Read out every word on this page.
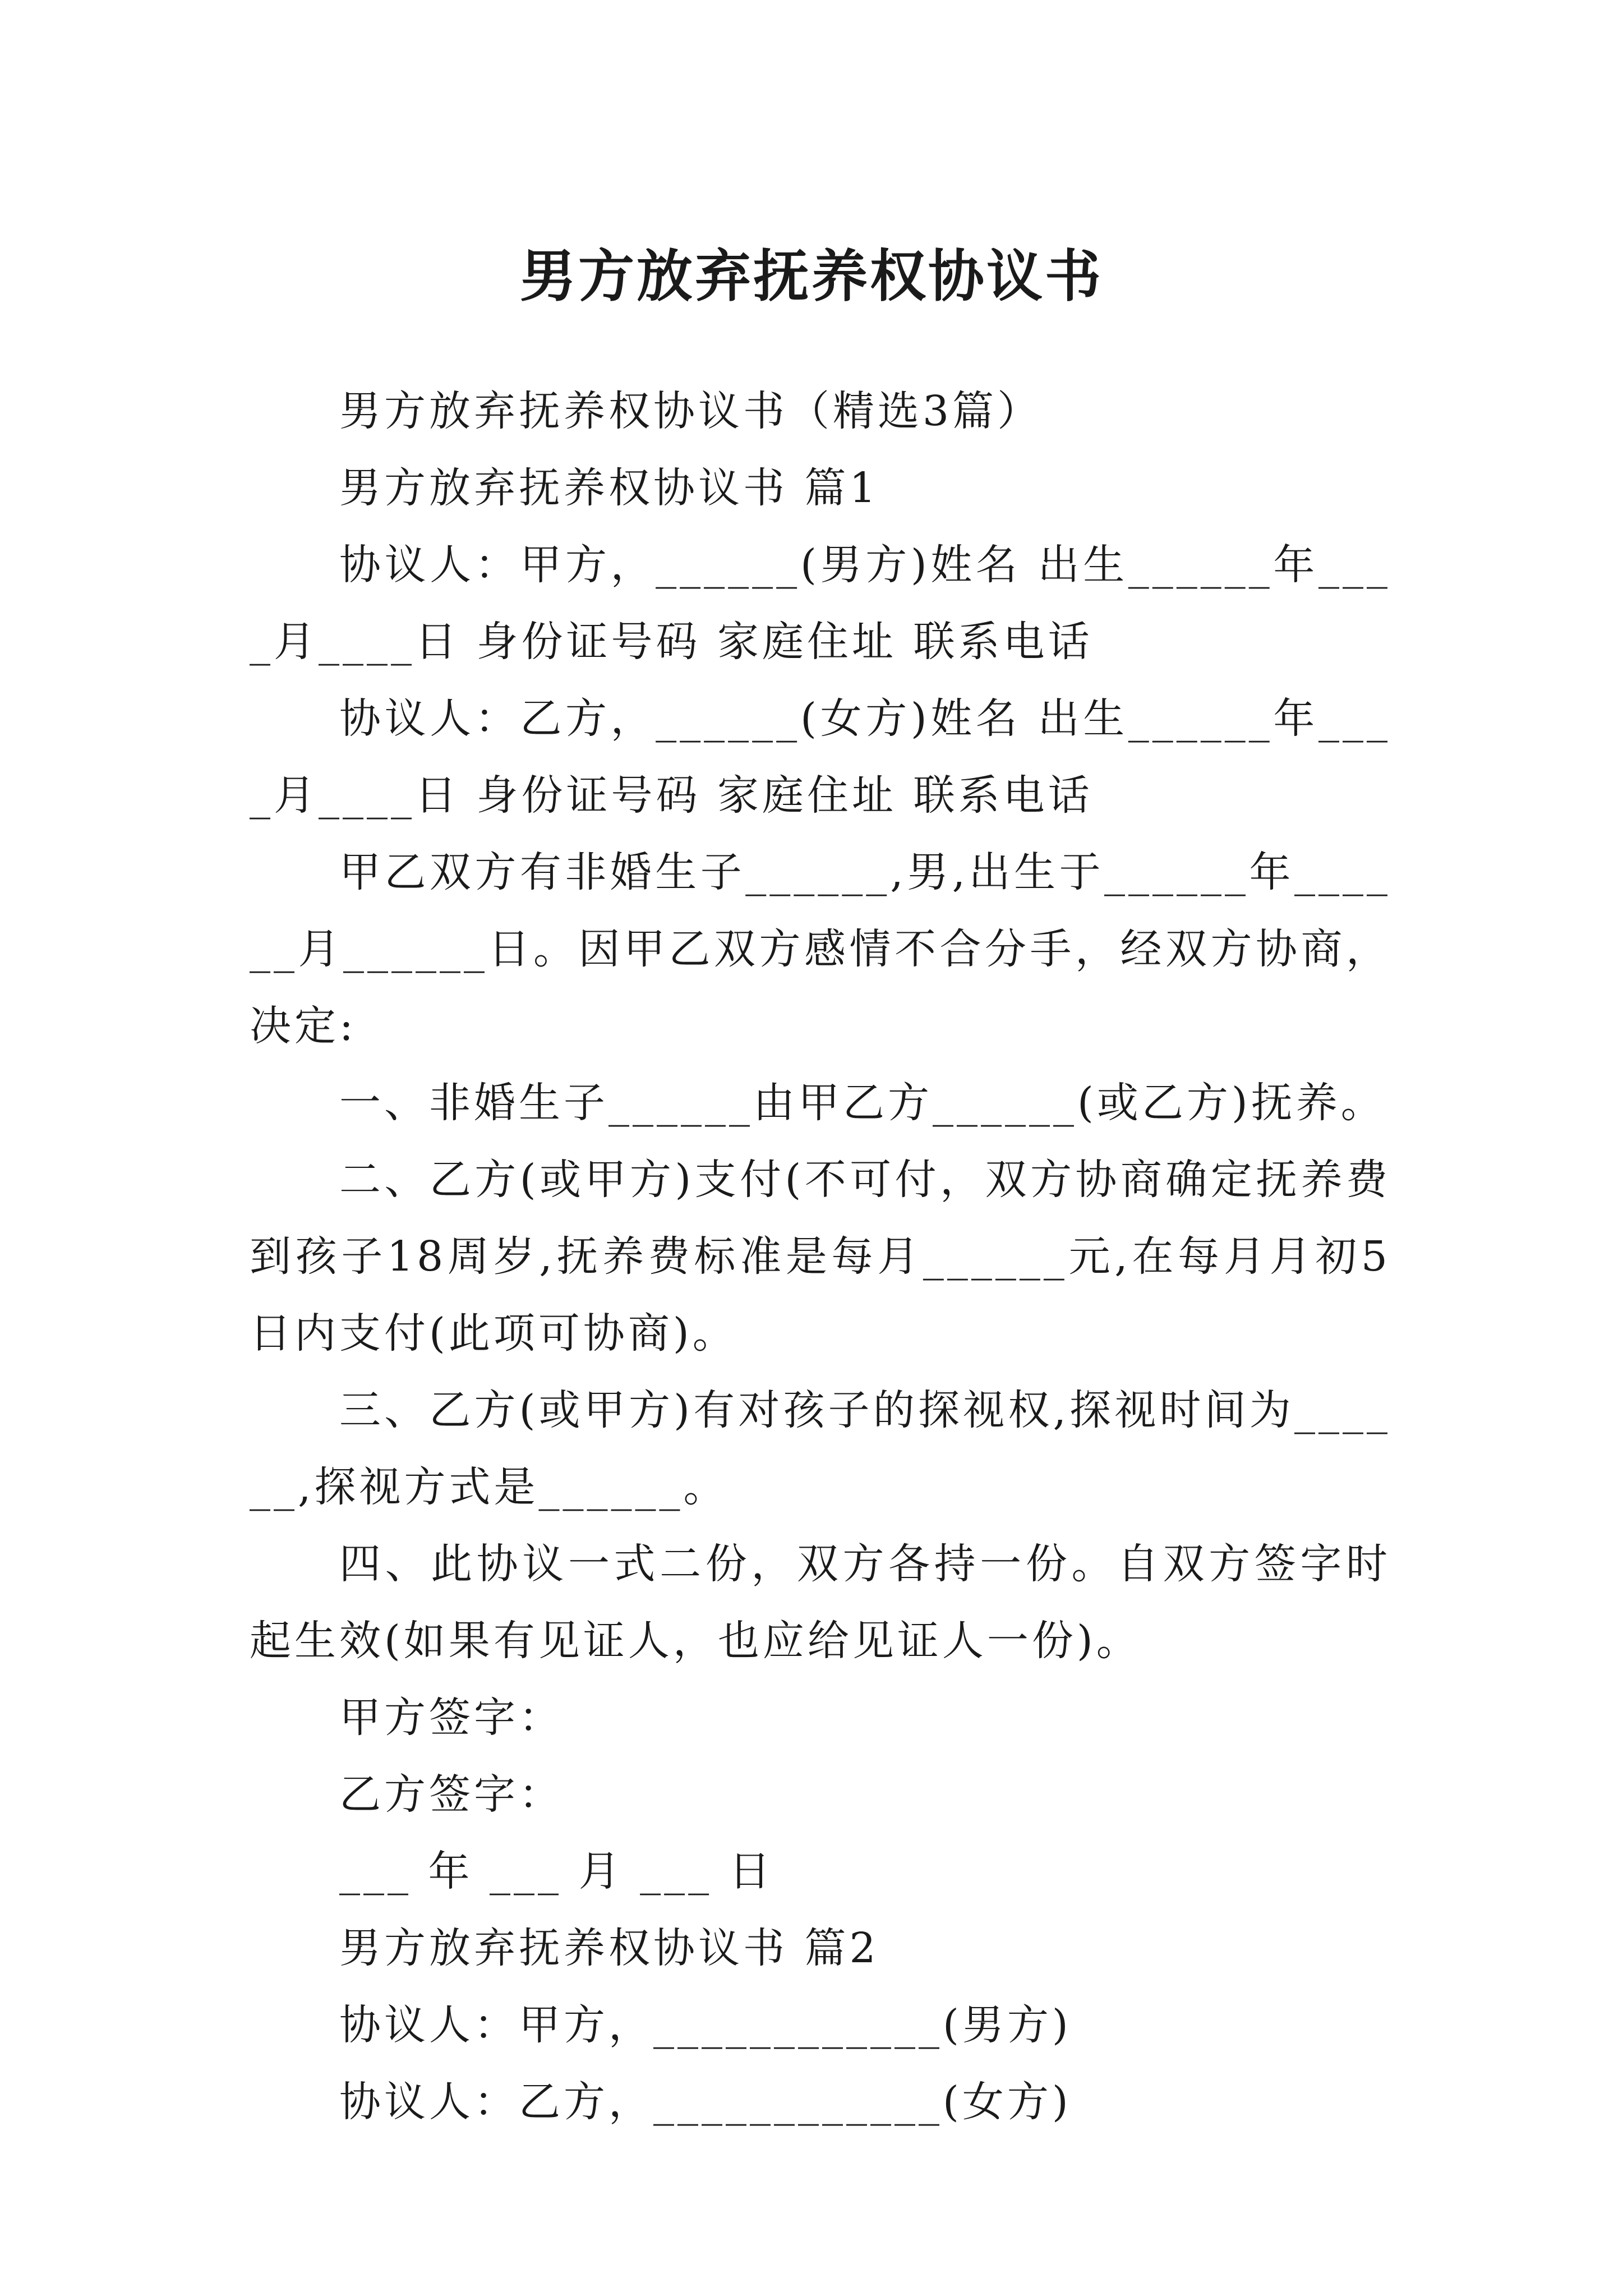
男方放弃抚养权协议书

男方放弃抚养权协议书（精选3篇）

男方放弃抚养权协议书 篇1

协议人：甲方，______(男方)姓名 出生______年____月____日 身份证号码 家庭住址 联系电话

协议人：乙方，______(女方)姓名 出生______年____月____日 身份证号码 家庭住址 联系电话

甲乙双方有非婚生子______,男,出生于______年______月______日。因甲乙双方感情不合分手，经双方协商，决定:

一、非婚生子______由甲乙方______(或乙方)抚养。

二、乙方(或甲方)支付(不可付，双方协商确定抚养费到孩子18周岁,抚养费标准是每月______元,在每月月初5日内支付(此项可协商)。

三、乙方(或甲方)有对孩子的探视权,探视时间为______,探视方式是______。

四、此协议一式二份，双方各持一份。自双方签字时起生效(如果有见证人，也应给见证人一份)。

甲方签字：

乙方签字：

___ 年 ___ 月 ___ 日

男方放弃抚养权协议书 篇2

协议人：甲方，____________(男方)

协议人：乙方，____________(女方)
